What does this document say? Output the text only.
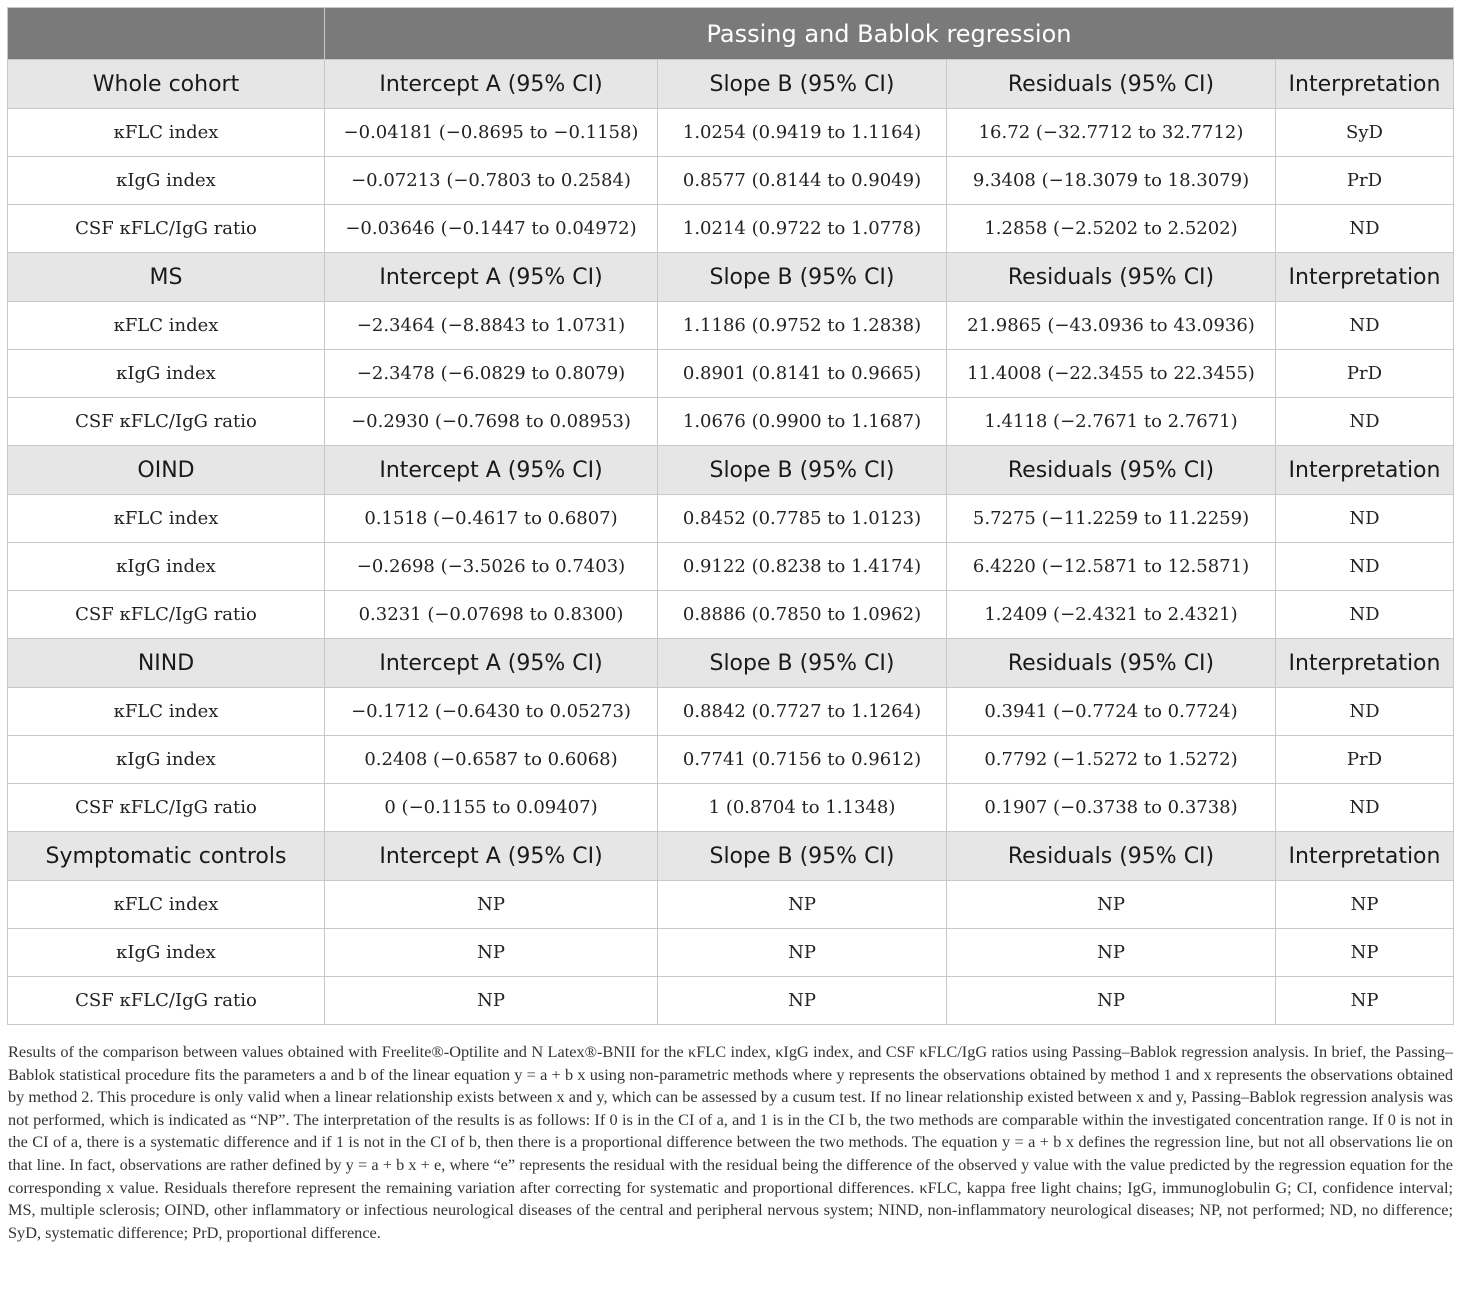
	Passing and Bablok regression			
Whole cohort	Intercept A (95% CI)	Slope B (95% CI)	Residuals (95% CI)	Interpretation
κFLC index	−0.04181 (−0.8695 to −0.1158)	1.0254 (0.9419 to 1.1164)	16.72 (−32.7712 to 32.7712)	SyD
κIgG index	−0.07213 (−0.7803 to 0.2584)	0.8577 (0.8144 to 0.9049)	9.3408 (−18.3079 to 18.3079)	PrD
CSF κFLC/IgG ratio	−0.03646 (−0.1447 to 0.04972)	1.0214 (0.9722 to 1.0778)	1.2858 (−2.5202 to 2.5202)	ND
MS	Intercept A (95% CI)	Slope B (95% CI)	Residuals (95% CI)	Interpretation
κFLC index	−2.3464 (−8.8843 to 1.0731)	1.1186 (0.9752 to 1.2838)	21.9865 (−43.0936 to 43.0936)	ND
κIgG index	−2.3478 (−6.0829 to 0.8079)	0.8901 (0.8141 to 0.9665)	11.4008 (−22.3455 to 22.3455)	PrD
CSF κFLC/IgG ratio	−0.2930 (−0.7698 to 0.08953)	1.0676 (0.9900 to 1.1687)	1.4118 (−2.7671 to 2.7671)	ND
OIND	Intercept A (95% CI)	Slope B (95% CI)	Residuals (95% CI)	Interpretation
κFLC index	0.1518 (−0.4617 to 0.6807)	0.8452 (0.7785 to 1.0123)	5.7275 (−11.2259 to 11.2259)	ND
κIgG index	−0.2698 (−3.5026 to 0.7403)	0.9122 (0.8238 to 1.4174)	6.4220 (−12.5871 to 12.5871)	ND
CSF κFLC/IgG ratio	0.3231 (−0.07698 to 0.8300)	0.8886 (0.7850 to 1.0962)	1.2409 (−2.4321 to 2.4321)	ND
NIND	Intercept A (95% CI)	Slope B (95% CI)	Residuals (95% CI)	Interpretation
κFLC index	−0.1712 (−0.6430 to 0.05273)	0.8842 (0.7727 to 1.1264)	0.3941 (−0.7724 to 0.7724)	ND
κIgG index	0.2408 (−0.6587 to 0.6068)	0.7741 (0.7156 to 0.9612)	0.7792 (−1.5272 to 1.5272)	PrD
CSF κFLC/IgG ratio	0 (−0.1155 to 0.09407)	1 (0.8704 to 1.1348)	0.1907 (−0.3738 to 0.3738)	ND
Symptomatic controls	Intercept A (95% CI)	Slope B (95% CI)	Residuals (95% CI)	Interpretation
κFLC index	NP	NP	NP	NP
κIgG index	NP	NP	NP	NP
CSF κFLC/IgG ratio	NP	NP	NP	NP

Results of the comparison between values obtained with Freelite®-Optilite and N Latex®-BNII for the κFLC index, κIgG index, and CSF κFLC/IgG ratios using Passing–Bablok regression analysis. In brief, the Passing–Bablok statistical procedure fits the parameters a and b of the linear equation y = a + b x using non-parametric methods where y represents the observations obtained by method 1 and x represents the observations obtained by method 2. This procedure is only valid when a linear relationship exists between x and y, which can be assessed by a cusum test. If no linear relationship existed between x and y, Passing–Bablok regression analysis was not performed, which is indicated as “NP”. The interpretation of the results is as follows: If 0 is in the CI of a, and 1 is in the CI b, the two methods are comparable within the investigated concentration range. If 0 is not in the CI of a, there is a systematic difference and if 1 is not in the CI of b, then there is a proportional difference between the two methods. The equation y = a + b x defines the regression line, but not all observations lie on that line. In fact, observations are rather defined by y = a + b x + e, where “e” represents the residual with the residual being the difference of the observed y value with the value predicted by the regression equation for the corresponding x value. Residuals therefore represent the remaining variation after correcting for systematic and proportional differences. κFLC, kappa free light chains; IgG, immunoglobulin G; CI, confidence interval; MS, multiple sclerosis; OIND, other inflammatory or infectious neurological diseases of the central and peripheral nervous system; NIND, non-inflammatory neurological diseases; NP, not performed; ND, no difference; SyD, systematic difference; PrD, proportional difference.
